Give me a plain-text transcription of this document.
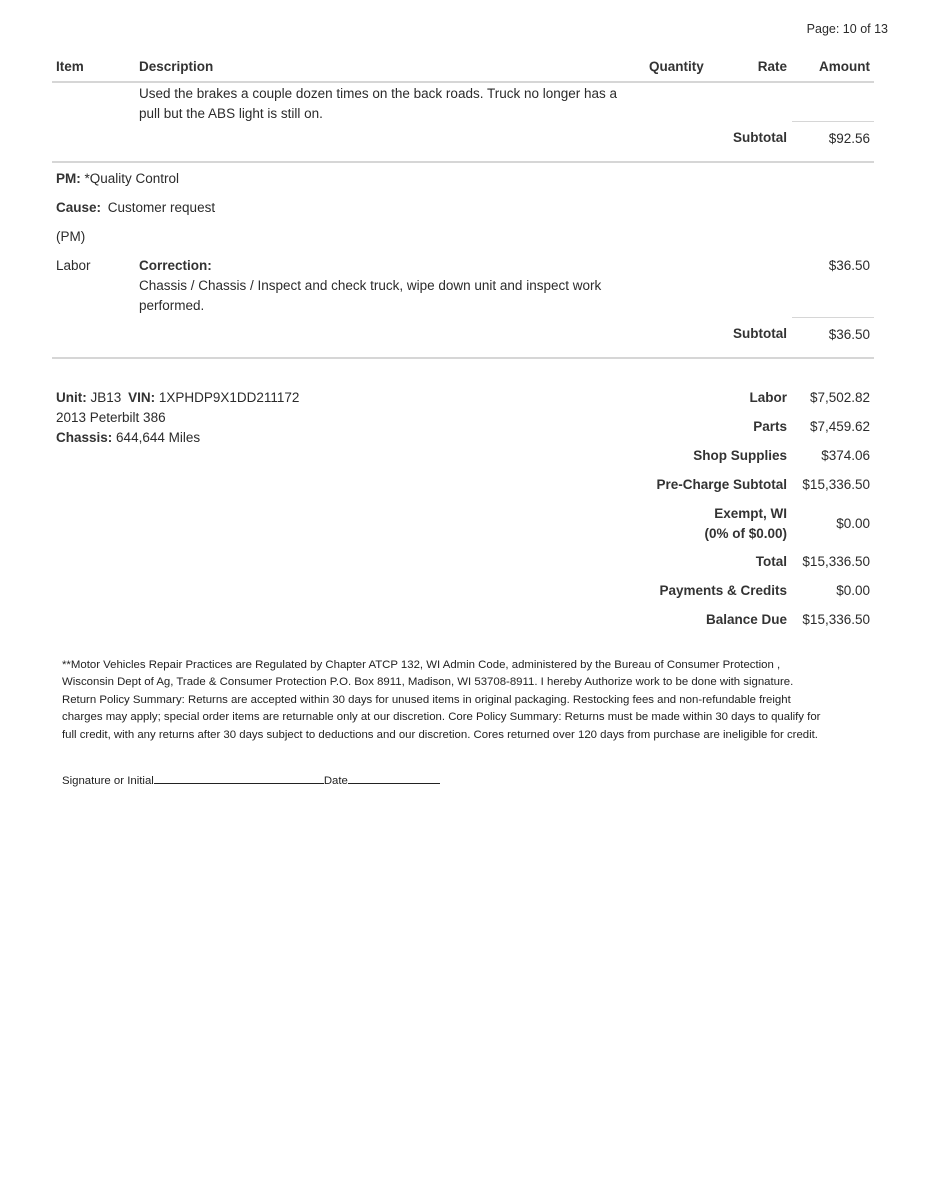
Page: 10 of 13
Item	Description	Quantity	Rate Amount
Used the brakes a couple dozen times on the back roads. Truck no longer has a pull but the ABS light is still on.
Subtotal	$92.56
PM: *Quality Control
Cause: Customer request
(PM)
Labor	Correction:
Chassis / Chassis / Inspect and check truck, wipe down unit and inspect work performed.
$36.50
Subtotal	$36.50
Unit: JB13 VIN: 1XPHDP9X1DD211172
2013 Peterbilt 386
Chassis: 644,644 Miles
Labor $7,502.82
Parts $7,459.62
Shop Supplies	$374.06
Pre-Charge Subtotal $15,336.50
Exempt, WI
(0% of $0.00)
$0.00
Total $15,336.50
Payments & Credits	$0.00
Balance Due $15,336.50
**Motor Vehicles Repair Practices are Regulated by Chapter ATCP 132, WI Admin Code, administered by the Bureau of Consumer Protection ,
Wisconsin Dept of Ag, Trade & Consumer Protection P.O. Box 8911, Madison, WI 53708-8911. I hereby Authorize work to be done with signature.
Return Policy Summary: Returns are accepted within 30 days for unused items in original packaging. Restocking fees and non-refundable freight
charges may apply; special order items are returnable only at our discretion. Core Policy Summary: Returns must be made within 30 days to qualify for
full credit, with any returns after 30 days subject to deductions and our discretion. Cores returned over 120 days from purchase are ineligible for credit.
Signature or Initial	Date
